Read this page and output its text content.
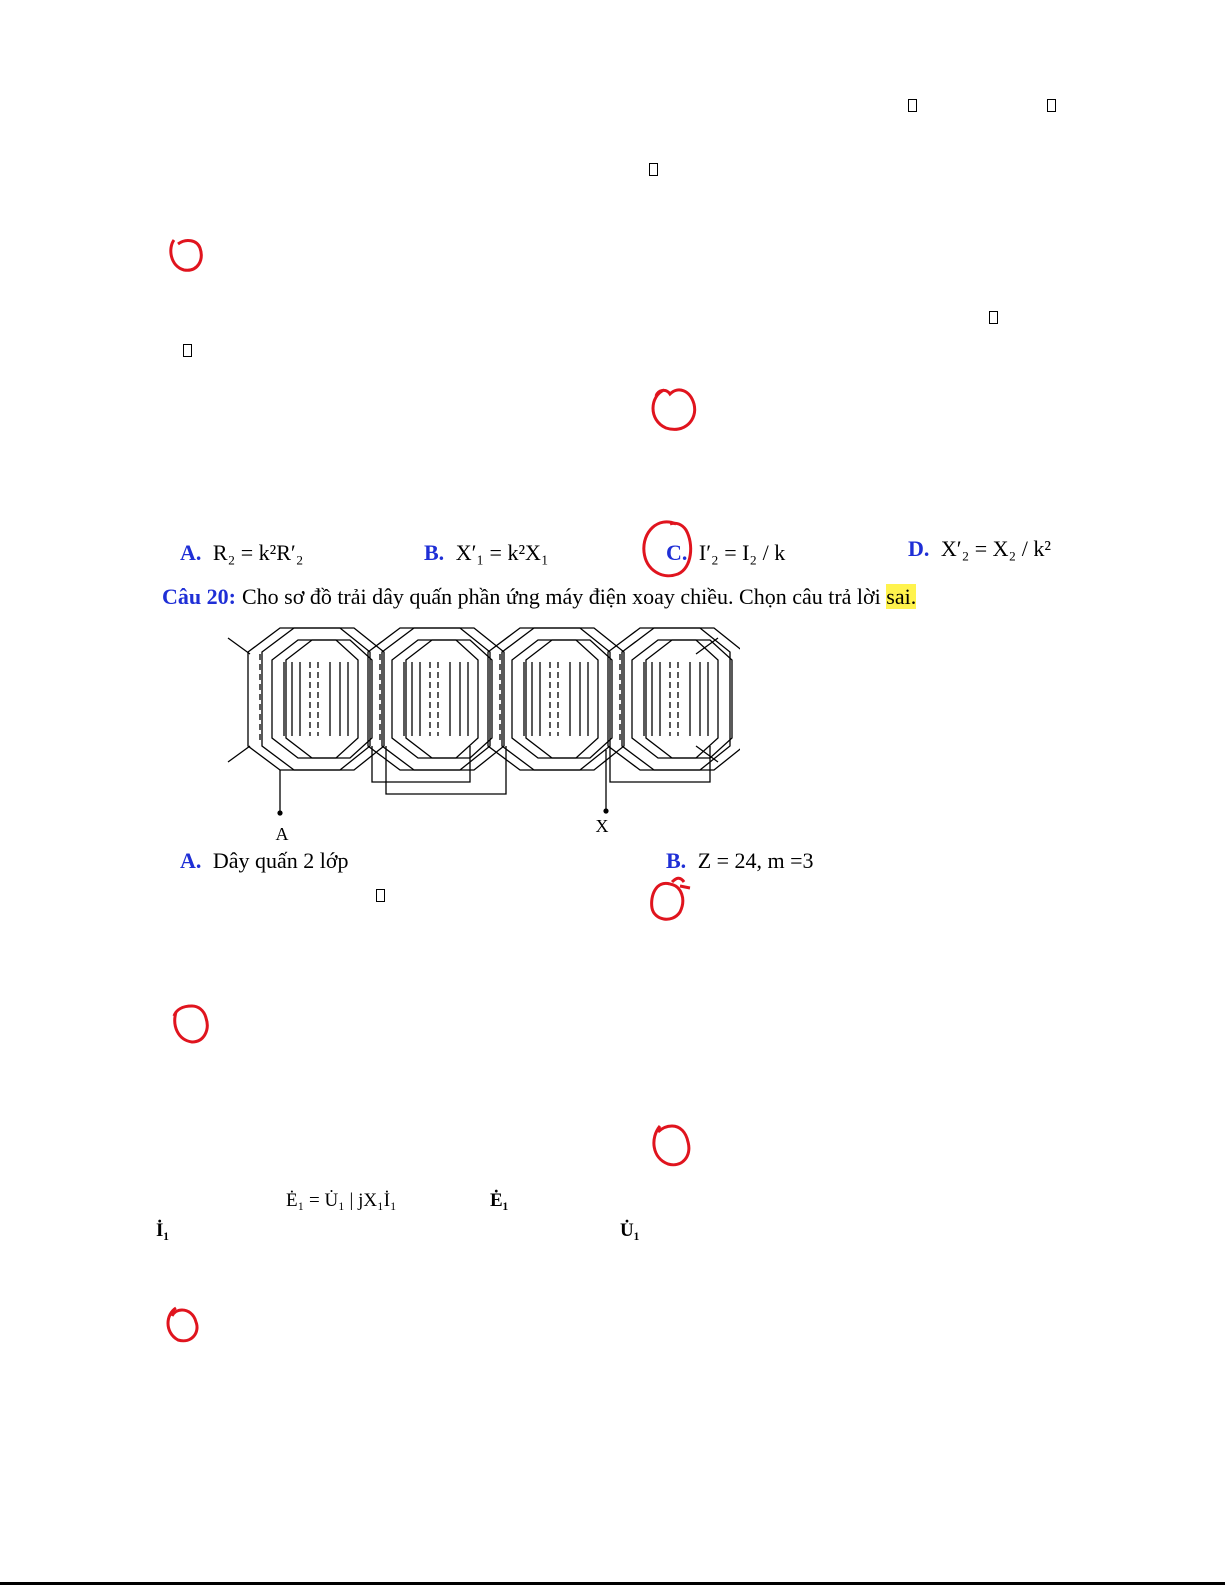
A. R₂ = k²R′₂	B. X′₁ = k²X₁	C. I′₂ = I₂ / k	D. X′₂ = X₂ / k²
Câu 20: Cho sơ đồ trải dây quấn phần ứng máy điện xoay chiều. Chọn câu trả lời sai.
A	X
A. Dây quấn 2 lớp	B. Z = 24, m =3
Ė₁ = U̇₁ | jX₁İ₁	Ė₁
İ₁	U̇₁
